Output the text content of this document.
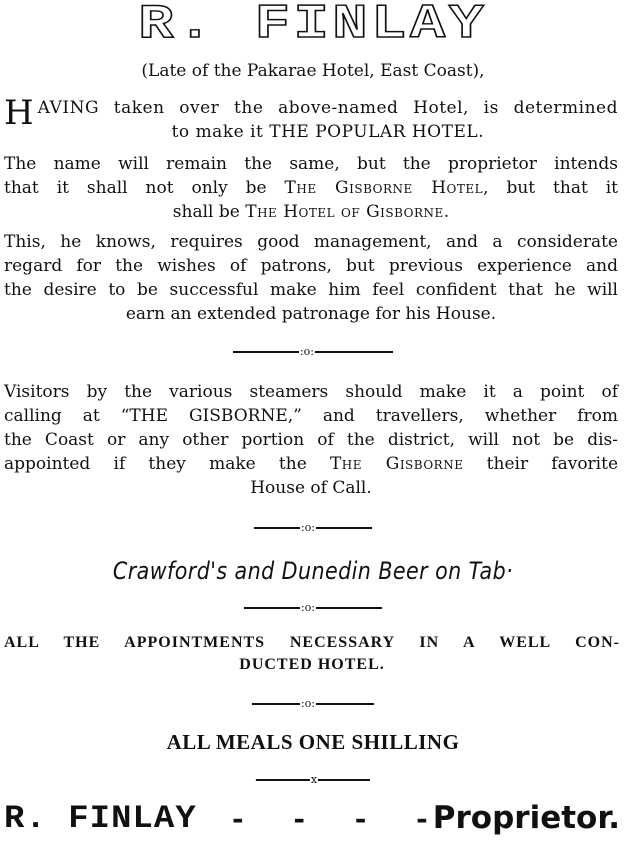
R. FINLAY
(Late of the Pakarae Hotel, East Coast),
H AVING taken over the above-named Hotel, is determined
to make it THE POPULAR HOTEL.
The name will remain the same, but the proprietor intends
that it shall not only be The Gisborne Hotel, but that it
shall be The Hotel of Gisborne.
This, he knows, requires good management, and a considerate
regard for the wishes of patrons, but previous experience and
the desire to be successful make him feel confident that he will
earn an extended patronage for his House.
:o:
Visitors by the various steamers should make it a point of
calling at “THE GISBORNE,” and travellers, whether from
the Coast or any other portion of the district, will not be dis-
appointed if they make the The Gisborne their favorite
House of Call.
:o:
Crawford's and Dunedin Beer on Tab·
:o:
ALL THE APPOINTMENTS NECESSARY IN A WELL CON-
DUCTED HOTEL.
:o:
ALL MEALS ONE SHILLING
x
R. FINLAY - - - - Proprietor.
